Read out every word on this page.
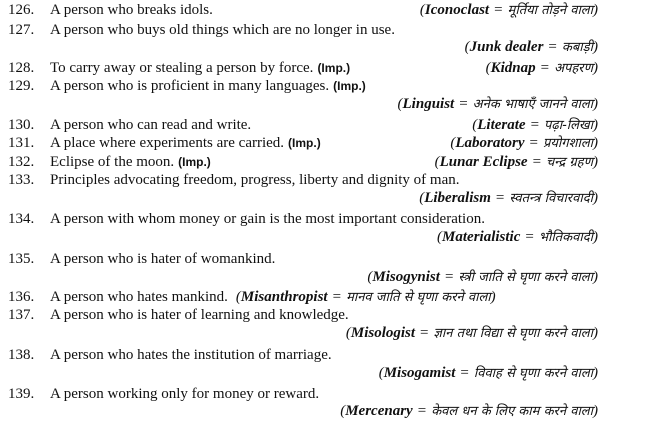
126.	A person who breaks idols.	(Iconoclast = मूर्तिया तोड़ने वाला)
127.	A person who buys old things which are no longer in use.
(Junk dealer = कबाड़ी)
128.	To carry away or stealing a person by force. (Imp.)	(Kidnap = अपहरण)
129.	A person who is proficient in many languages. (Imp.)
(Linguist = अनेक भाषाएँ जानने वाला)
130.	A person who can read and write.	(Literate = पढ़ा-लिखा)
131.	A place where experiments are carried. (Imp.)	(Laboratory = प्रयोगशाला)
132.	Eclipse of the moon. (Imp.)	(Lunar Eclipse = चन्द्र ग्रहण)
133.	Principles advocating freedom, progress, liberty and dignity of man.
(Liberalism = स्वतन्त्र विचारवादी)
134.	A person with whom money or gain is the most important consideration.
(Materialistic = भौतिकवादी)
135.	A person who is hater of womankind.
(Misogynist = स्त्री जाति से घृणा करने वाला)
136.	A person who hates mankind. (Misanthropist = मानव जाति से घृणा करने वाला)
137.	A person who is hater of learning and knowledge.
(Misologist = ज्ञान तथा विद्या से घृणा करने वाला)
138.	A person who hates the institution of marriage.
(Misogamist = विवाह से घृणा करने वाला)
139.	A person working only for money or reward.
(Mercenary = केवल धन के लिए काम करने वाला)
